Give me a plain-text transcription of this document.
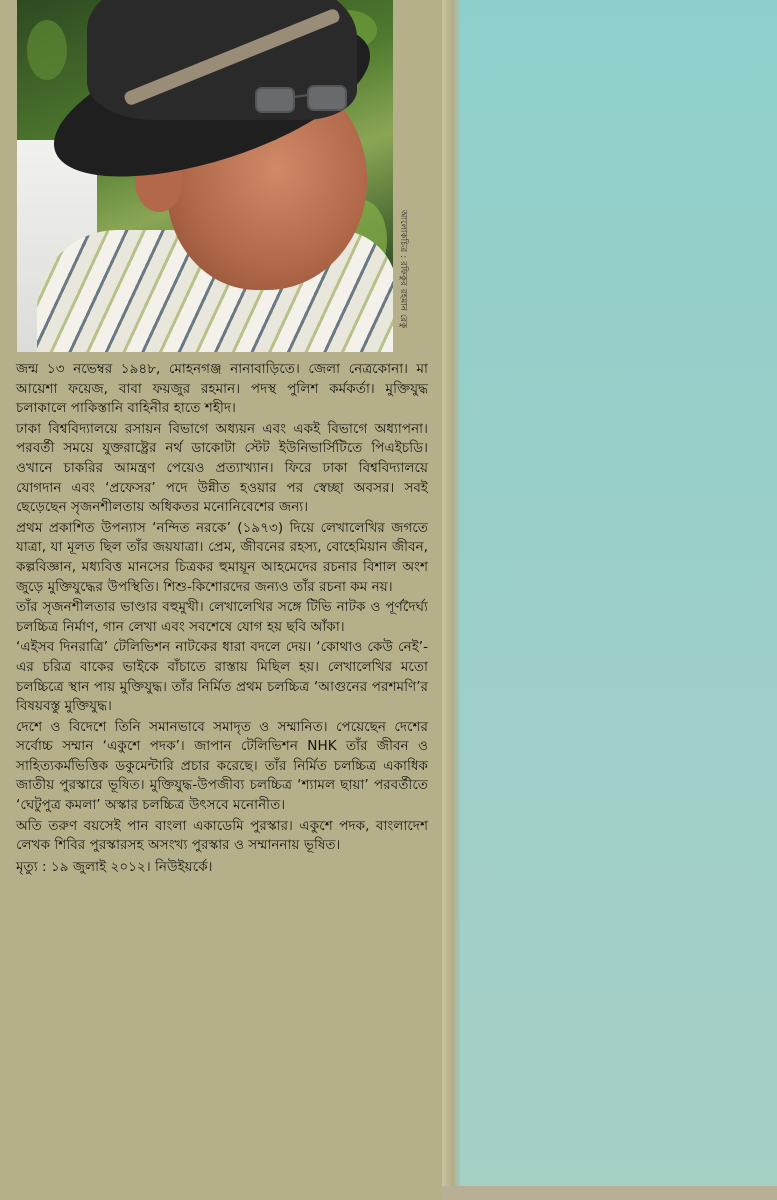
আলোকচিত্র : রফিকুর রহমান রেকু

জন্ম ১৩ নভেম্বর ১৯৪৮, মোহনগঞ্জ নানাবাড়িতে। জেলা নেত্রকোনা। মা আয়েশা ফয়েজ, বাবা ফয়জুর রহমান। পদস্থ পুলিশ কর্মকর্তা। মুক্তিযুদ্ধ চলাকালে পাকিস্তানি বাহিনীর হাতে শহীদ।

ঢাকা বিশ্ববিদ্যালয়ে রসায়ন বিভাগে অধ্যয়ন এবং একই বিভাগে অধ্যাপনা। পরবর্তী সময়ে যুক্তরাষ্ট্রের নর্থ ডাকোটা স্টেট ইউনিভার্সিটিতে পিএইচডি। ওখানে চাকরির আমন্ত্রণ পেয়েও প্রত্যাখ্যান। ফিরে ঢাকা বিশ্ববিদ্যালয়ে যোগদান এবং ‘প্রফেসর’ পদে উন্নীত হওয়ার পর স্বেচ্ছা অবসর। সবই ছেড়েছেন সৃজনশীলতায় অধিকতর মনোনিবেশের জন্য।

প্রথম প্রকাশিত উপন্যাস ‘নন্দিত নরকে’ (১৯৭৩) দিয়ে লেখালেখির জগতে যাত্রা, যা মূলত ছিল তাঁর জয়যাত্রা। প্রেম, জীবনের রহস্য, বোহেমিয়ান জীবন, কল্পবিজ্ঞান, মধ্যবিত্ত মানসের চিত্রকর হুমায়ূন আহমেদের রচনার বিশাল অংশ জুড়ে মুক্তিযুদ্ধের উপস্থিতি। শিশু-কিশোরদের জন্যও তাঁর রচনা কম নয়।

তাঁর সৃজনশীলতার ভাণ্ডার বহুমুখী। লেখালেখির সঙ্গে টিভি নাটক ও পূর্ণদৈর্ঘ্য চলচ্চিত্র নির্মাণ, গান লেখা এবং সবশেষে যোগ হয় ছবি আঁকা।

‘এইসব দিনরাত্রি’ টেলিভিশন নাটকের ধারা বদলে দেয়। ‘কোথাও কেউ নেই’-এর চরিত্র বাকের ভাইকে বাঁচাতে রাস্তায় মিছিল হয়। লেখালেখির মতো চলচ্চিত্রে স্থান পায় মুক্তিযুদ্ধ। তাঁর নির্মিত প্রথম চলচ্চিত্র ‘আগুনের পরশমণি’র বিষয়বস্তু মুক্তিযুদ্ধ।

দেশে ও বিদেশে তিনি সমানভাবে সমাদৃত ও সম্মানিত। পেয়েছেন দেশের সর্বোচ্চ সম্মান ‘একুশে পদক’। জাপান টেলিভিশন NHK তাঁর জীবন ও সাহিত্যকর্মভিত্তিক ডকুমেন্টারি প্রচার করেছে। তাঁর নির্মিত চলচ্চিত্র একাধিক জাতীয় পুরস্কারে ভূষিত। মুক্তিযুদ্ধ-উপজীব্য চলচ্চিত্র ‘শ্যামল ছায়া’ পরবর্তীতে ‘ঘেটুপুত্র কমলা’ অস্কার চলচ্চিত্র উৎসবে মনোনীত।

অতি তরুণ বয়সেই পান বাংলা একাডেমি পুরস্কার। একুশে পদক, বাংলাদেশ লেখক শিবির পুরস্কারসহ অসংখ্য পুরস্কার ও সম্মাননায় ভূষিত।

মৃত্যু : ১৯ জুলাই ২০১২। নিউইয়র্কে।
